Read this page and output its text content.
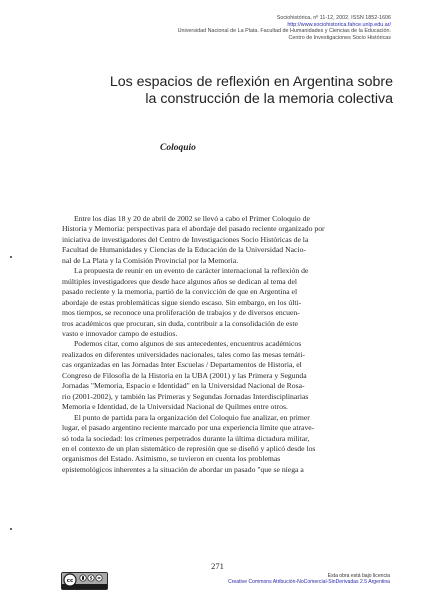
Sociohistórica, nº 11-12, 2002. ISSN 1852-1606
http://www.sociohistorica.fahce.unlp.edu.ar/
Universidad Nacional de La Plata. Facultad de Humanidades y Ciencias de la Educación.
Centro de Investigaciones Socio Históricas
Los espacios de reflexión en Argentina sobre
la construcción de la memoria colectiva
Coloquio

Entre los días 18 y 20 de abril de 2002 se llevó a cabo el Primer Coloquio de
Historia y Memoria: perspectivas para el abordaje del pasado reciente organizado por
iniciativa de investigadores del Centro de Investigaciones Socio Históricas de la
Facultad de Humanidades y Ciencias de la Educación de la Universidad Nacio-
nal de La Plata y la Comisión Provincial por la Memoria.

La propuesta de reunir en un evento de carácter internacional la reflexión de
múltiples investigadores que desde hace algunos años se dedican al tema del
pasado reciente y la memoria, partió de la convicción de que en Argentina el
abordaje de estas problemáticas sigue siendo escaso. Sin embargo, en los últi-
mos tiempos, se reconoce una proliferación de trabajos y de diversos encuen-
tros académicos que procuran, sin duda, contribuir a la consolidación de este
vasto e innovador campo de estudios.

Podemos citar, como algunos de sus antecedentes, encuentros académicos
realizados en diferentes universidades nacionales, tales como las mesas temáti-
cas organizadas en las Jornadas Inter Escuelas / Departamentos de Historia, el
Congreso de Filosofía de la Historia en la UBA (2001) y las Primera y Segunda
Jornadas "Memoria, Espacio e Identidad" en la Universidad Nacional de Rosa-
rio (2001-2002), y también las Primeras y Segundas Jornadas Interdisciplinarias
Memoria e Identidad, de la Universidad Nacional de Quilmes entre otros.

El punto de partida para la organización del Coloquio fue analizar, en primer
lugar, el pasado argentino reciente marcado por una experiencia límite que atrave-
só toda la sociedad: los crímenes perpetrados durante la última dictadura militar,
en el contexto de un plan sistemático de represión que se diseñó y aplicó desde los
organismos del Estado. Asimismo, se tuvieron en cuenta los problemas
epistemológicos inherentes a la situación de abordar un pasado "que se niega a

271
cc
$	Esta obra está bajo licencia
Creative Commons Atribución-NoComercial-SinDerivadas 2.5 Argentina
